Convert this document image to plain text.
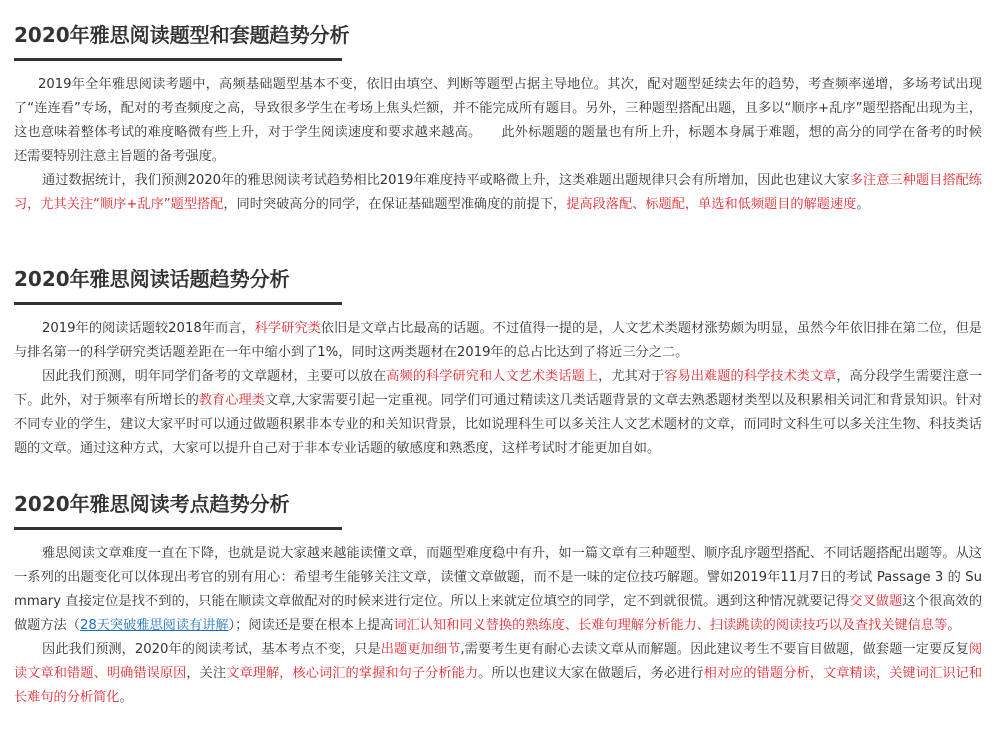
2020年雅思阅读题型和套题趋势分析

2019年全年雅思阅读考题中，高频基础题型基本不变，依旧由填空、判断等题型占据主导地位。其次，配对题型延续去年的趋势，考查频率递增，多场考试出现了“连连看”专场，配对的考查频度之高，导致很多学生在考场上焦头烂额，并不能完成所有题目。另外，三种题型搭配出题，且多以“顺序+乱序”题型搭配出现为主，这也意味着整体考试的难度略微有些上升，对于学生阅读速度和要求越来越高。　　此外标题题的题量也有所上升，标题本身属于难题，想的高分的同学在备考的时候还需要特别注意主旨题的备考强度。

通过数据统计，我们预测2020年的雅思阅读考试趋势相比2019年难度持平或略微上升，这类难题出题规律只会有所增加，因此也建议大家多注意三种题目搭配练习，尤其关注“顺序+乱序”题型搭配，同时突破高分的同学，在保证基础题型准确度的前提下，提高段落配、标题配，单选和低频题目的解题速度。

2020年雅思阅读话题趋势分析

2019年的阅读话题较2018年而言，科学研究类依旧是文章占比最高的话题。不过值得一提的是，人文艺术类题材涨势颇为明显，虽然今年依旧排在第二位，但是与排名第一的科学研究类话题差距在一年中缩小到了1%，同时这两类题材在2019年的总占比达到了将近三分之二。

因此我们预测，明年同学们备考的文章题材，主要可以放在高频的科学研究和人文艺术类话题上，尤其对于容易出难题的科学技术类文章，高分段学生需要注意一下。此外，对于频率有所增长的教育心理类文章,大家需要引起一定重视。同学们可通过精读这几类话题背景的文章去熟悉题材类型以及积累相关词汇和背景知识。针对不同专业的学生，建议大家平时可以通过做题积累非本专业的和关知识背景，比如说理科生可以多关注人文艺术题材的文章，而同时文科生可以多关注生物、科技类话题的文章。通过这种方式，大家可以提升自己对于非本专业话题的敏感度和熟悉度，这样考试时才能更加自如。

2020年雅思阅读考点趋势分析

雅思阅读文章难度一直在下降，也就是说大家越来越能读懂文章，而题型难度稳中有升，如一篇文章有三种题型、顺序乱序题型搭配、不同话题搭配出题等。从这一系列的出题变化可以体现出考官的别有用心：希望考生能够关注文章，读懂文章做题，而不是一味的定位技巧解题。譬如2019年11月7日的考试 Passage 3 的 Summary 直接定位是找不到的，只能在顺读文章做配对的时候来进行定位。所以上来就定位填空的同学，定不到就很慌。遇到这种情况就要记得交叉做题这个很高效的做题方法（28天突破雅思阅读有讲解）；阅读还是要在根本上提高词汇认知和同义替换的熟练度、长难句理解分析能力、扫读跳读的阅读技巧以及查找关键信息等。

因此我们预测，2020年的阅读考试，基本考点不变，只是出题更加细节,需要考生更有耐心去读文章从而解题。因此建议考生不要盲目做题，做套题一定要反复阅读文章和错题、明确错误原因，关注文章理解，核心词汇的掌握和句子分析能力。所以也建议大家在做题后，务必进行相对应的错题分析，文章精读，关键词汇识记和长难句的分析简化。
